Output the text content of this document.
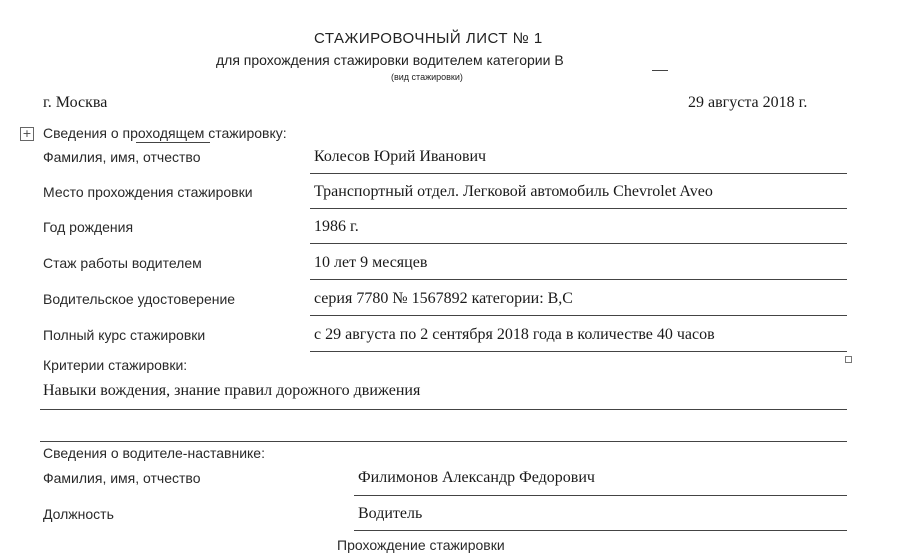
СТАЖИРОВОЧНЫЙ ЛИСТ № 1
для прохождения стажировки водителем категории В
(вид стажировки)
г. Москва	29 августа 2018 г.
+ Сведения о проходящем стажировку:
Фамилия, имя, отчество	Колесов Юрий Иванович
Место прохождения стажировки	Транспортный отдел. Легковой автомобиль Chevrolet Aveo
Год рождения	1986 г.
Стаж работы водителем	10 лет 9 месяцев
Водительское удостоверение	серия 7780 № 1567892 категории: В,С
Полный курс стажировки	с 29 августа по 2 сентября 2018 года в количестве 40 часов
Критерии стажировки:
Навыки вождения, знание правил дорожного движения
Сведения о водителе-наставнике:
Фамилия, имя, отчество	Филимонов Александр Федорович
Должность	Водитель
Прохождение стажировки
